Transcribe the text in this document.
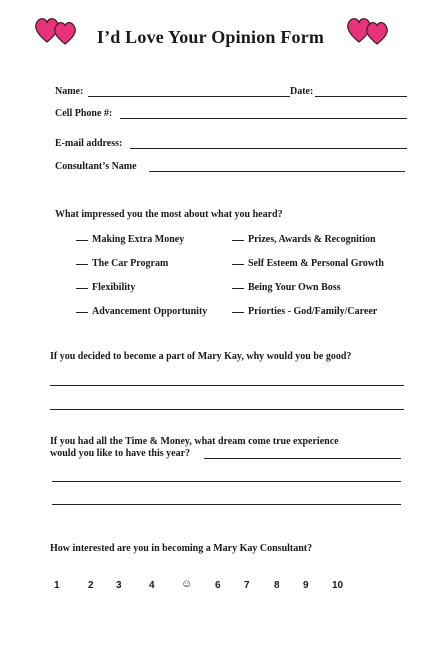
I’d Love Your Opinion Form
Name:	Date:
Cell Phone #:
E-mail address:
Consultant’s Name
What impressed you the most about what you heard?
Making Extra Money	Prizes, Awards & Recognition
The Car Program	Self Esteem & Personal Growth
Flexibility	Being Your Own Boss
Advancement Opportunity	Priorties - God/Family/Career
If you decided to become a part of Mary Kay, why would you be good?
If you had all the Time & Money, what dream come true experience
would you like to have this year?
How interested are you in becoming a Mary Kay Consultant?
1	2 3	4 ☺ 6 7 8 9 10
